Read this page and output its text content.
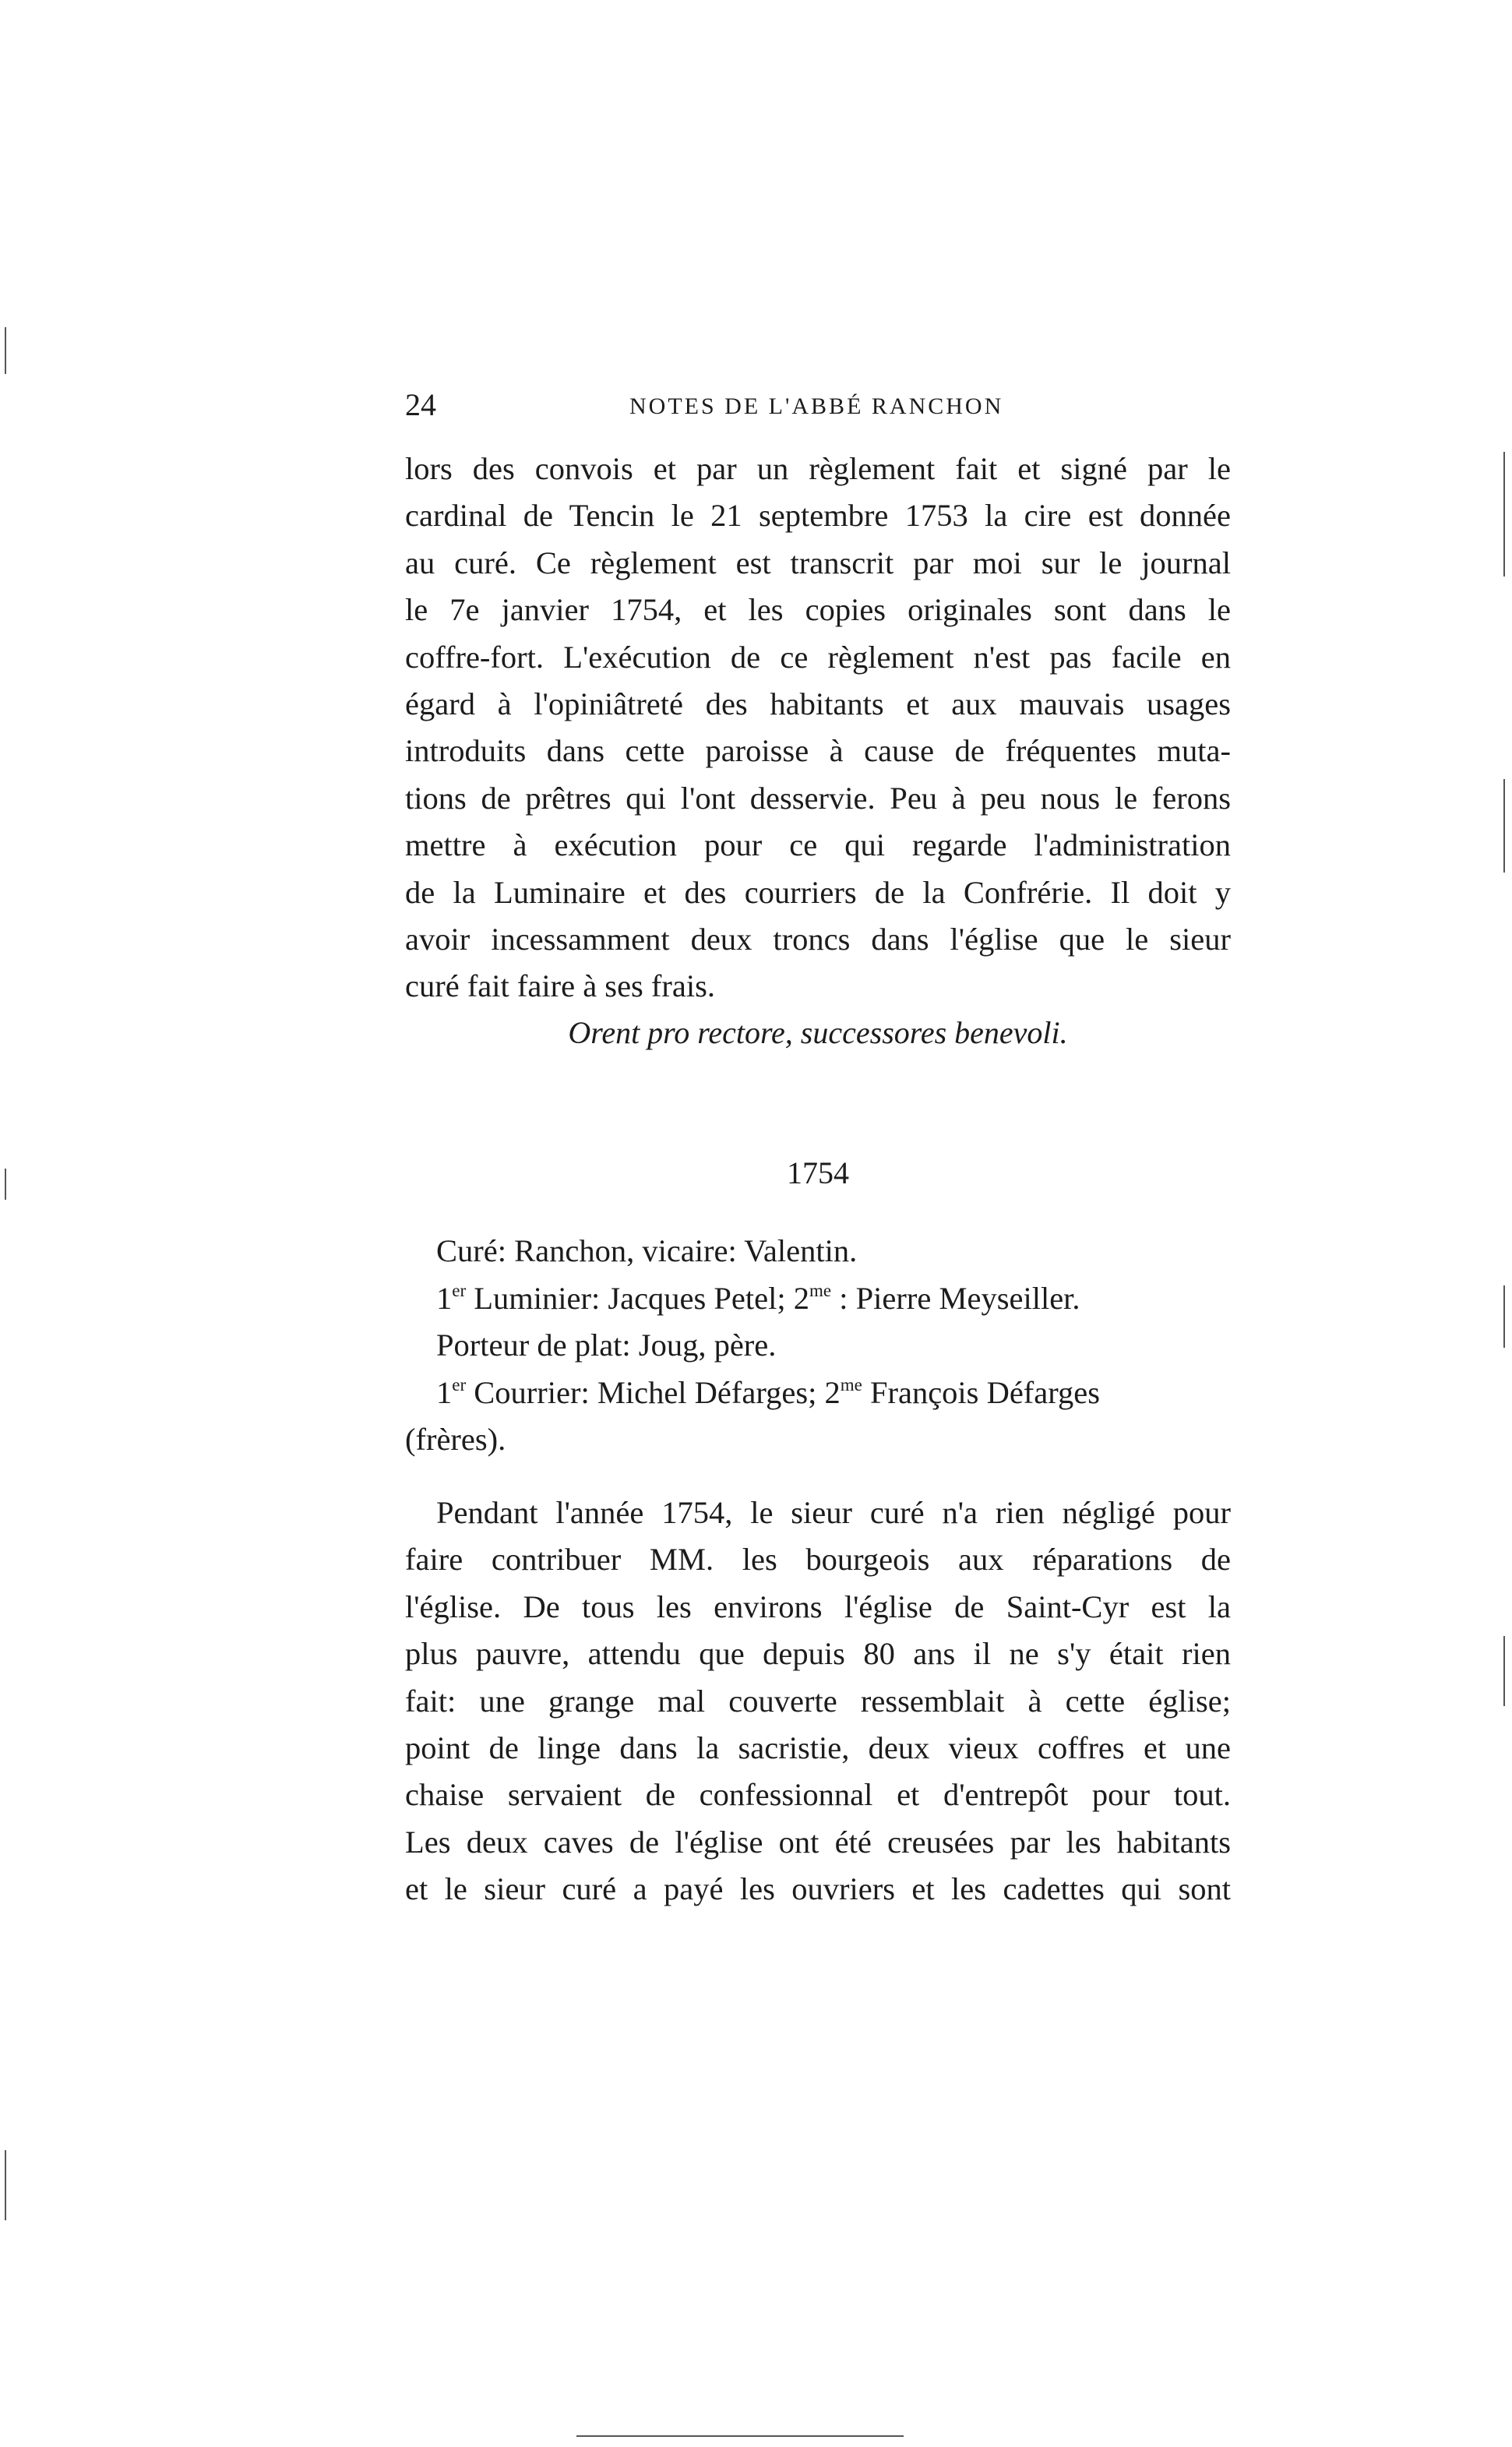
24	NOTES DE L'ABBÉ RANCHON
lors des convois et par un règlement fait et signé par le
cardinal de Tencin le 21 septembre 1753 la cire est donnée
au curé. Ce règlement est transcrit par moi sur le journal
le 7e janvier 1754, et les copies originales sont dans le
coffre-fort. L'exécution de ce règlement n'est pas facile en
égard à l'opiniâtreté des habitants et aux mauvais usages
introduits dans cette paroisse à cause de fréquentes muta-
tions de prêtres qui l'ont desservie. Peu à peu nous le ferons
mettre à exécution pour ce qui regarde l'administration
de la Luminaire et des courriers de la Confrérie. Il doit y
avoir incessamment deux troncs dans l'église que le sieur
curé fait faire à ses frais.
Orent pro rectore, successores benevoli.
1754
Curé: Ranchon, vicaire: Valentin.
1er Luminier: Jacques Petel; $2^{me}$ : Pierre Meyseiller.
Porteur de plat: Joug, père.
1er Courrier: Michel Défarges; $2^{me}$ François Défarges
(frères).
Pendant l'année 1754, le sieur curé n'a rien négligé pour
faire contribuer MM. les bourgeois aux réparations de
l'église. De tous les environs l'église de Saint-Cyr est la
plus pauvre, attendu que depuis 80 ans il ne s'y était rien
fait: une grange mal couverte ressemblait à cette église;
point de linge dans la sacristie, deux vieux coffres et une
chaise servaient de confessionnal et d'entrepôt pour tout.
Les deux caves de l'église ont été creusées par les habitants
et le sieur curé a payé les ouvriers et les cadettes qui sont
